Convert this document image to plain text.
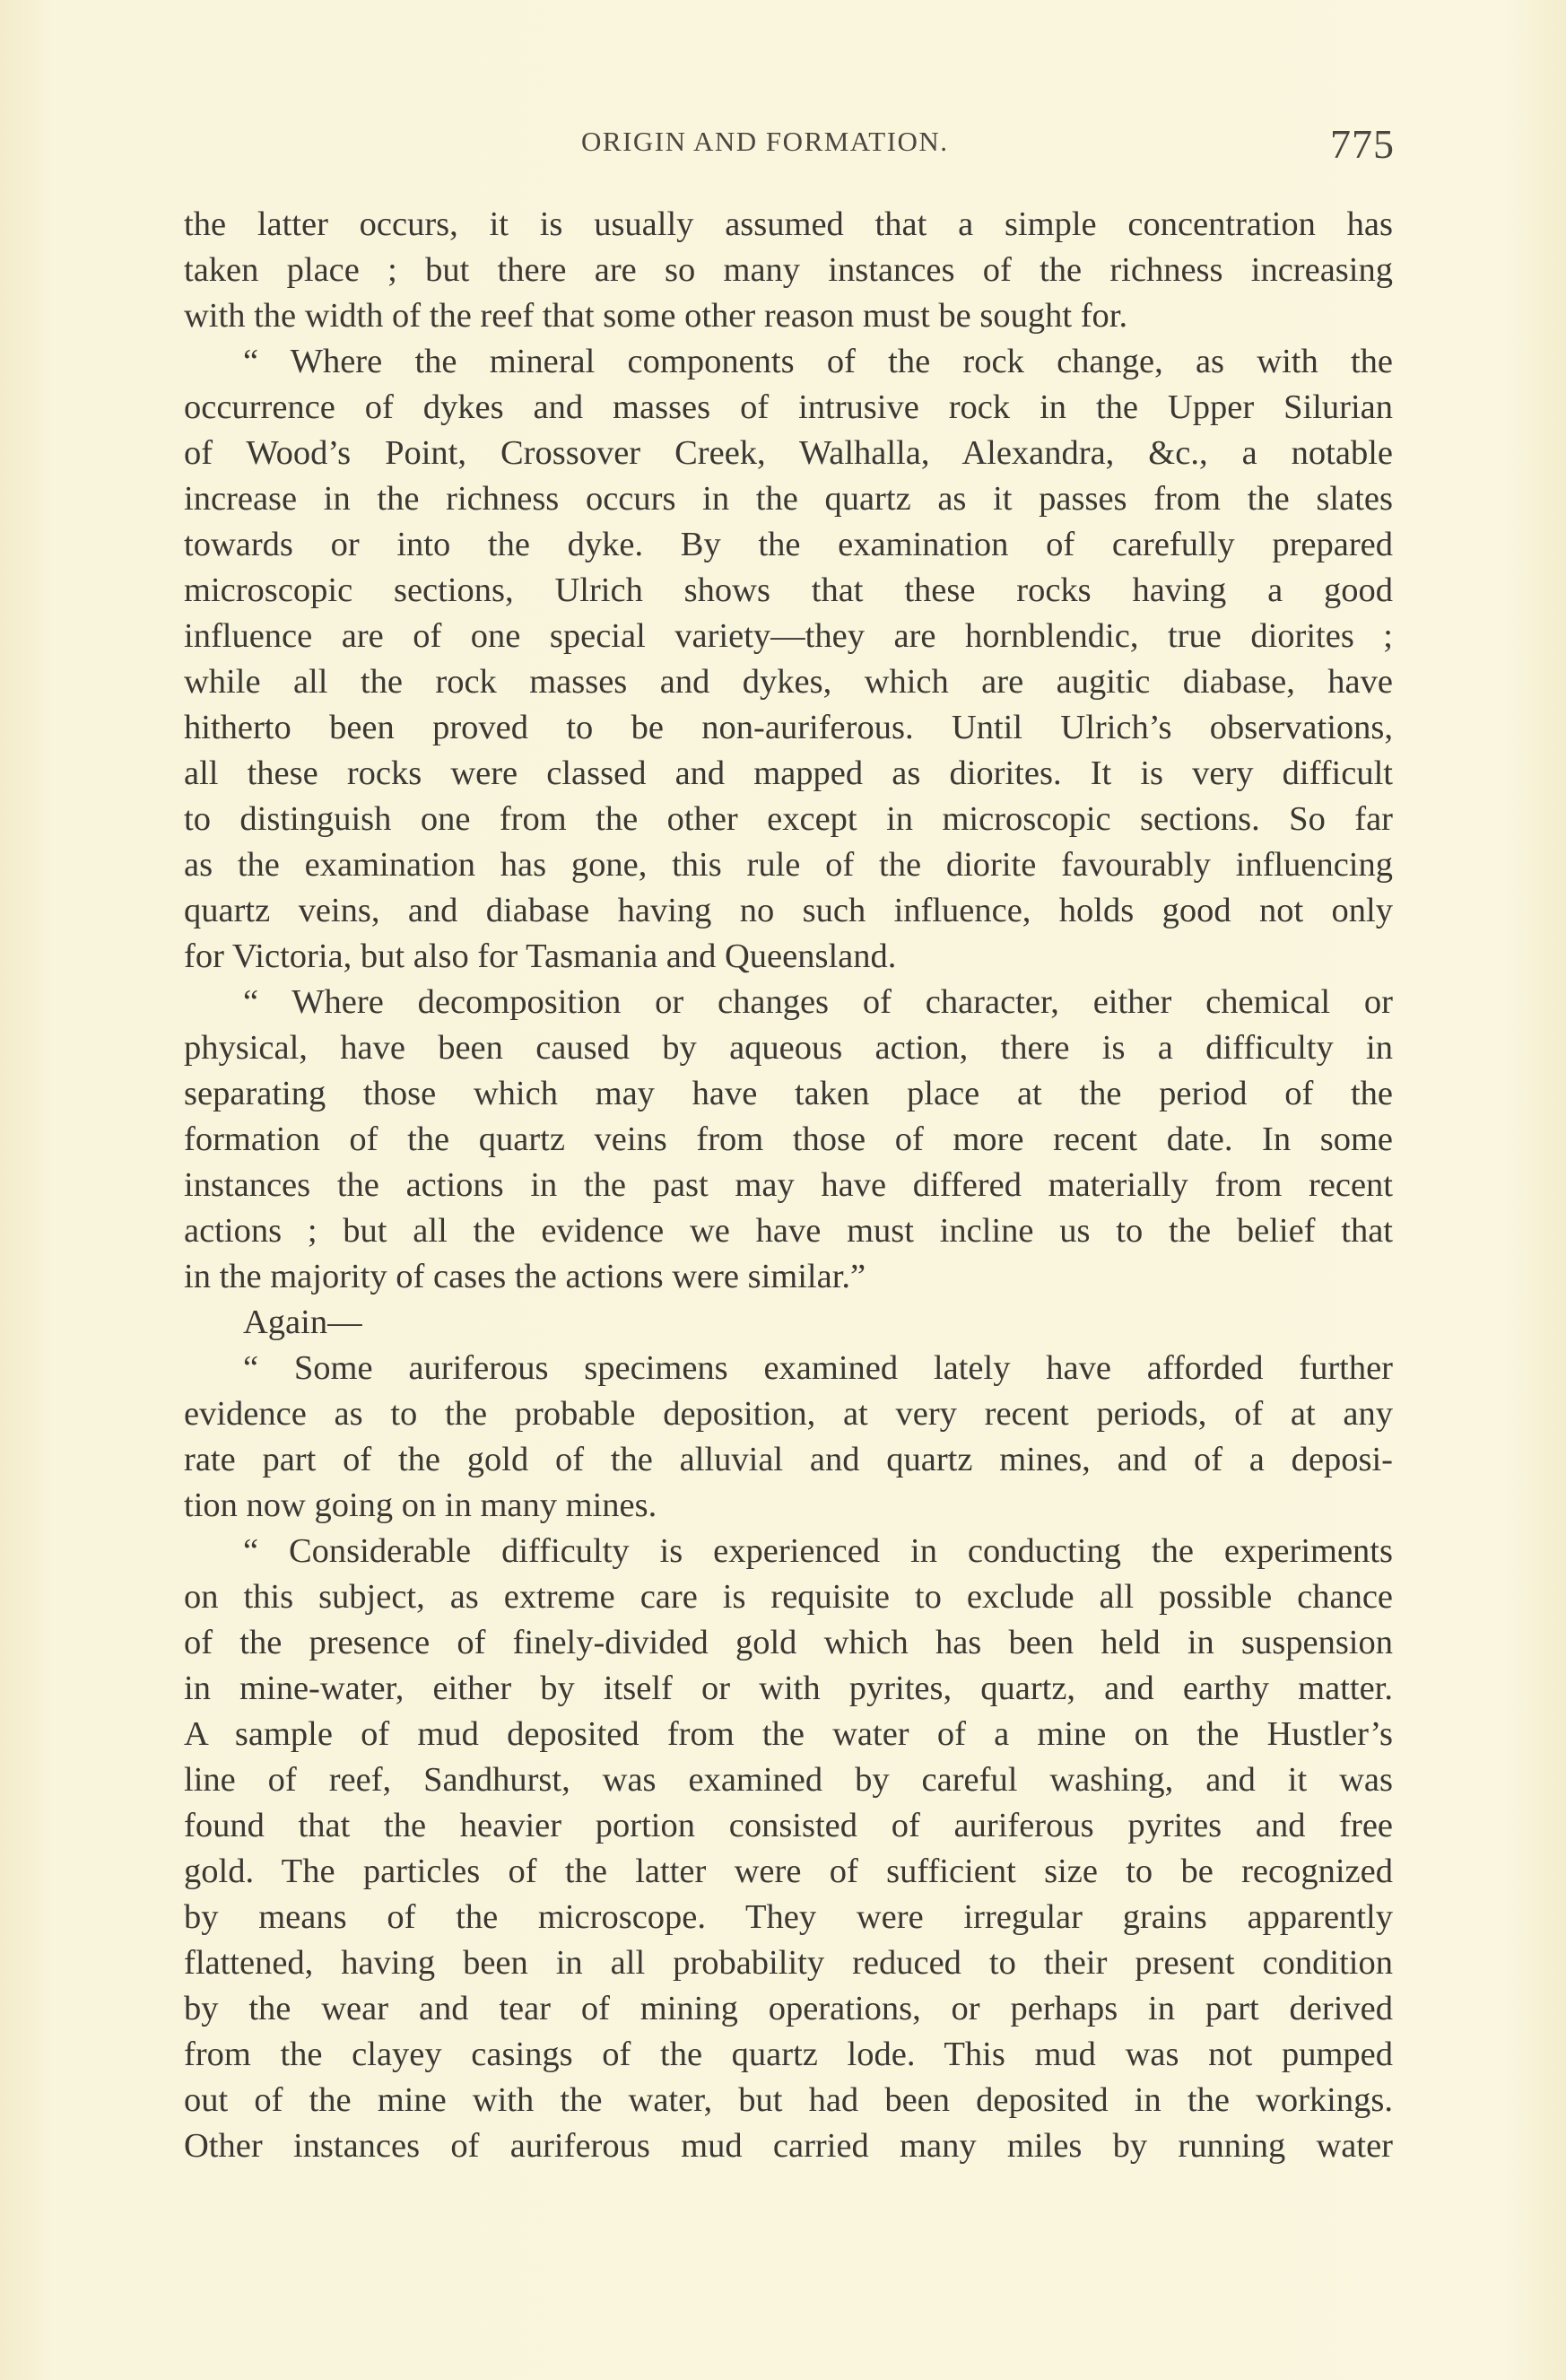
ORIGIN AND FORMATION.	775
the latter occurs, it is usually assumed that a simple concentration has
taken place ; but there are so many instances of the richness increasing
with the width of the reef that some other reason must be sought for.
“ Where the mineral components of the rock change, as with the
occurrence of dykes and masses of intrusive rock in the Upper Silurian
of Wood’s Point, Crossover Creek, Walhalla, Alexandra, &c., a notable
increase in the richness occurs in the quartz as it passes from the slates
towards or into the dyke. By the examination of carefully prepared
microscopic sections, Ulrich shows that these rocks having a good
influence are of one special variety—they are hornblendic, true diorites ;
while all the rock masses and dykes, which are augitic diabase, have
hitherto been proved to be non-auriferous. Until Ulrich’s observations,
all these rocks were classed and mapped as diorites. It is very difficult
to distinguish one from the other except in microscopic sections. So far
as the examination has gone, this rule of the diorite favourably influencing
quartz veins, and diabase having no such influence, holds good not only
for Victoria, but also for Tasmania and Queensland.
“ Where decomposition or changes of character, either chemical or
physical, have been caused by aqueous action, there is a difficulty in
separating those which may have taken place at the period of the
formation of the quartz veins from those of more recent date. In some
instances the actions in the past may have differed materially from recent
actions ; but all the evidence we have must incline us to the belief that
in the majority of cases the actions were similar.”
Again—
“ Some auriferous specimens examined lately have afforded further
evidence as to the probable deposition, at very recent periods, of at any
rate part of the gold of the alluvial and quartz mines, and of a deposi-
tion now going on in many mines.
“ Considerable difficulty is experienced in conducting the experiments
on this subject, as extreme care is requisite to exclude all possible chance
of the presence of finely-divided gold which has been held in suspension
in mine-water, either by itself or with pyrites, quartz, and earthy matter.
A sample of mud deposited from the water of a mine on the Hustler’s
line of reef, Sandhurst, was examined by careful washing, and it was
found that the heavier portion consisted of auriferous pyrites and free
gold. The particles of the latter were of sufficient size to be recognized
by means of the microscope. They were irregular grains apparently
flattened, having been in all probability reduced to their present condition
by the wear and tear of mining operations, or perhaps in part derived
from the clayey casings of the quartz lode. This mud was not pumped
out of the mine with the water, but had been deposited in the workings.
Other instances of auriferous mud carried many miles by running water
